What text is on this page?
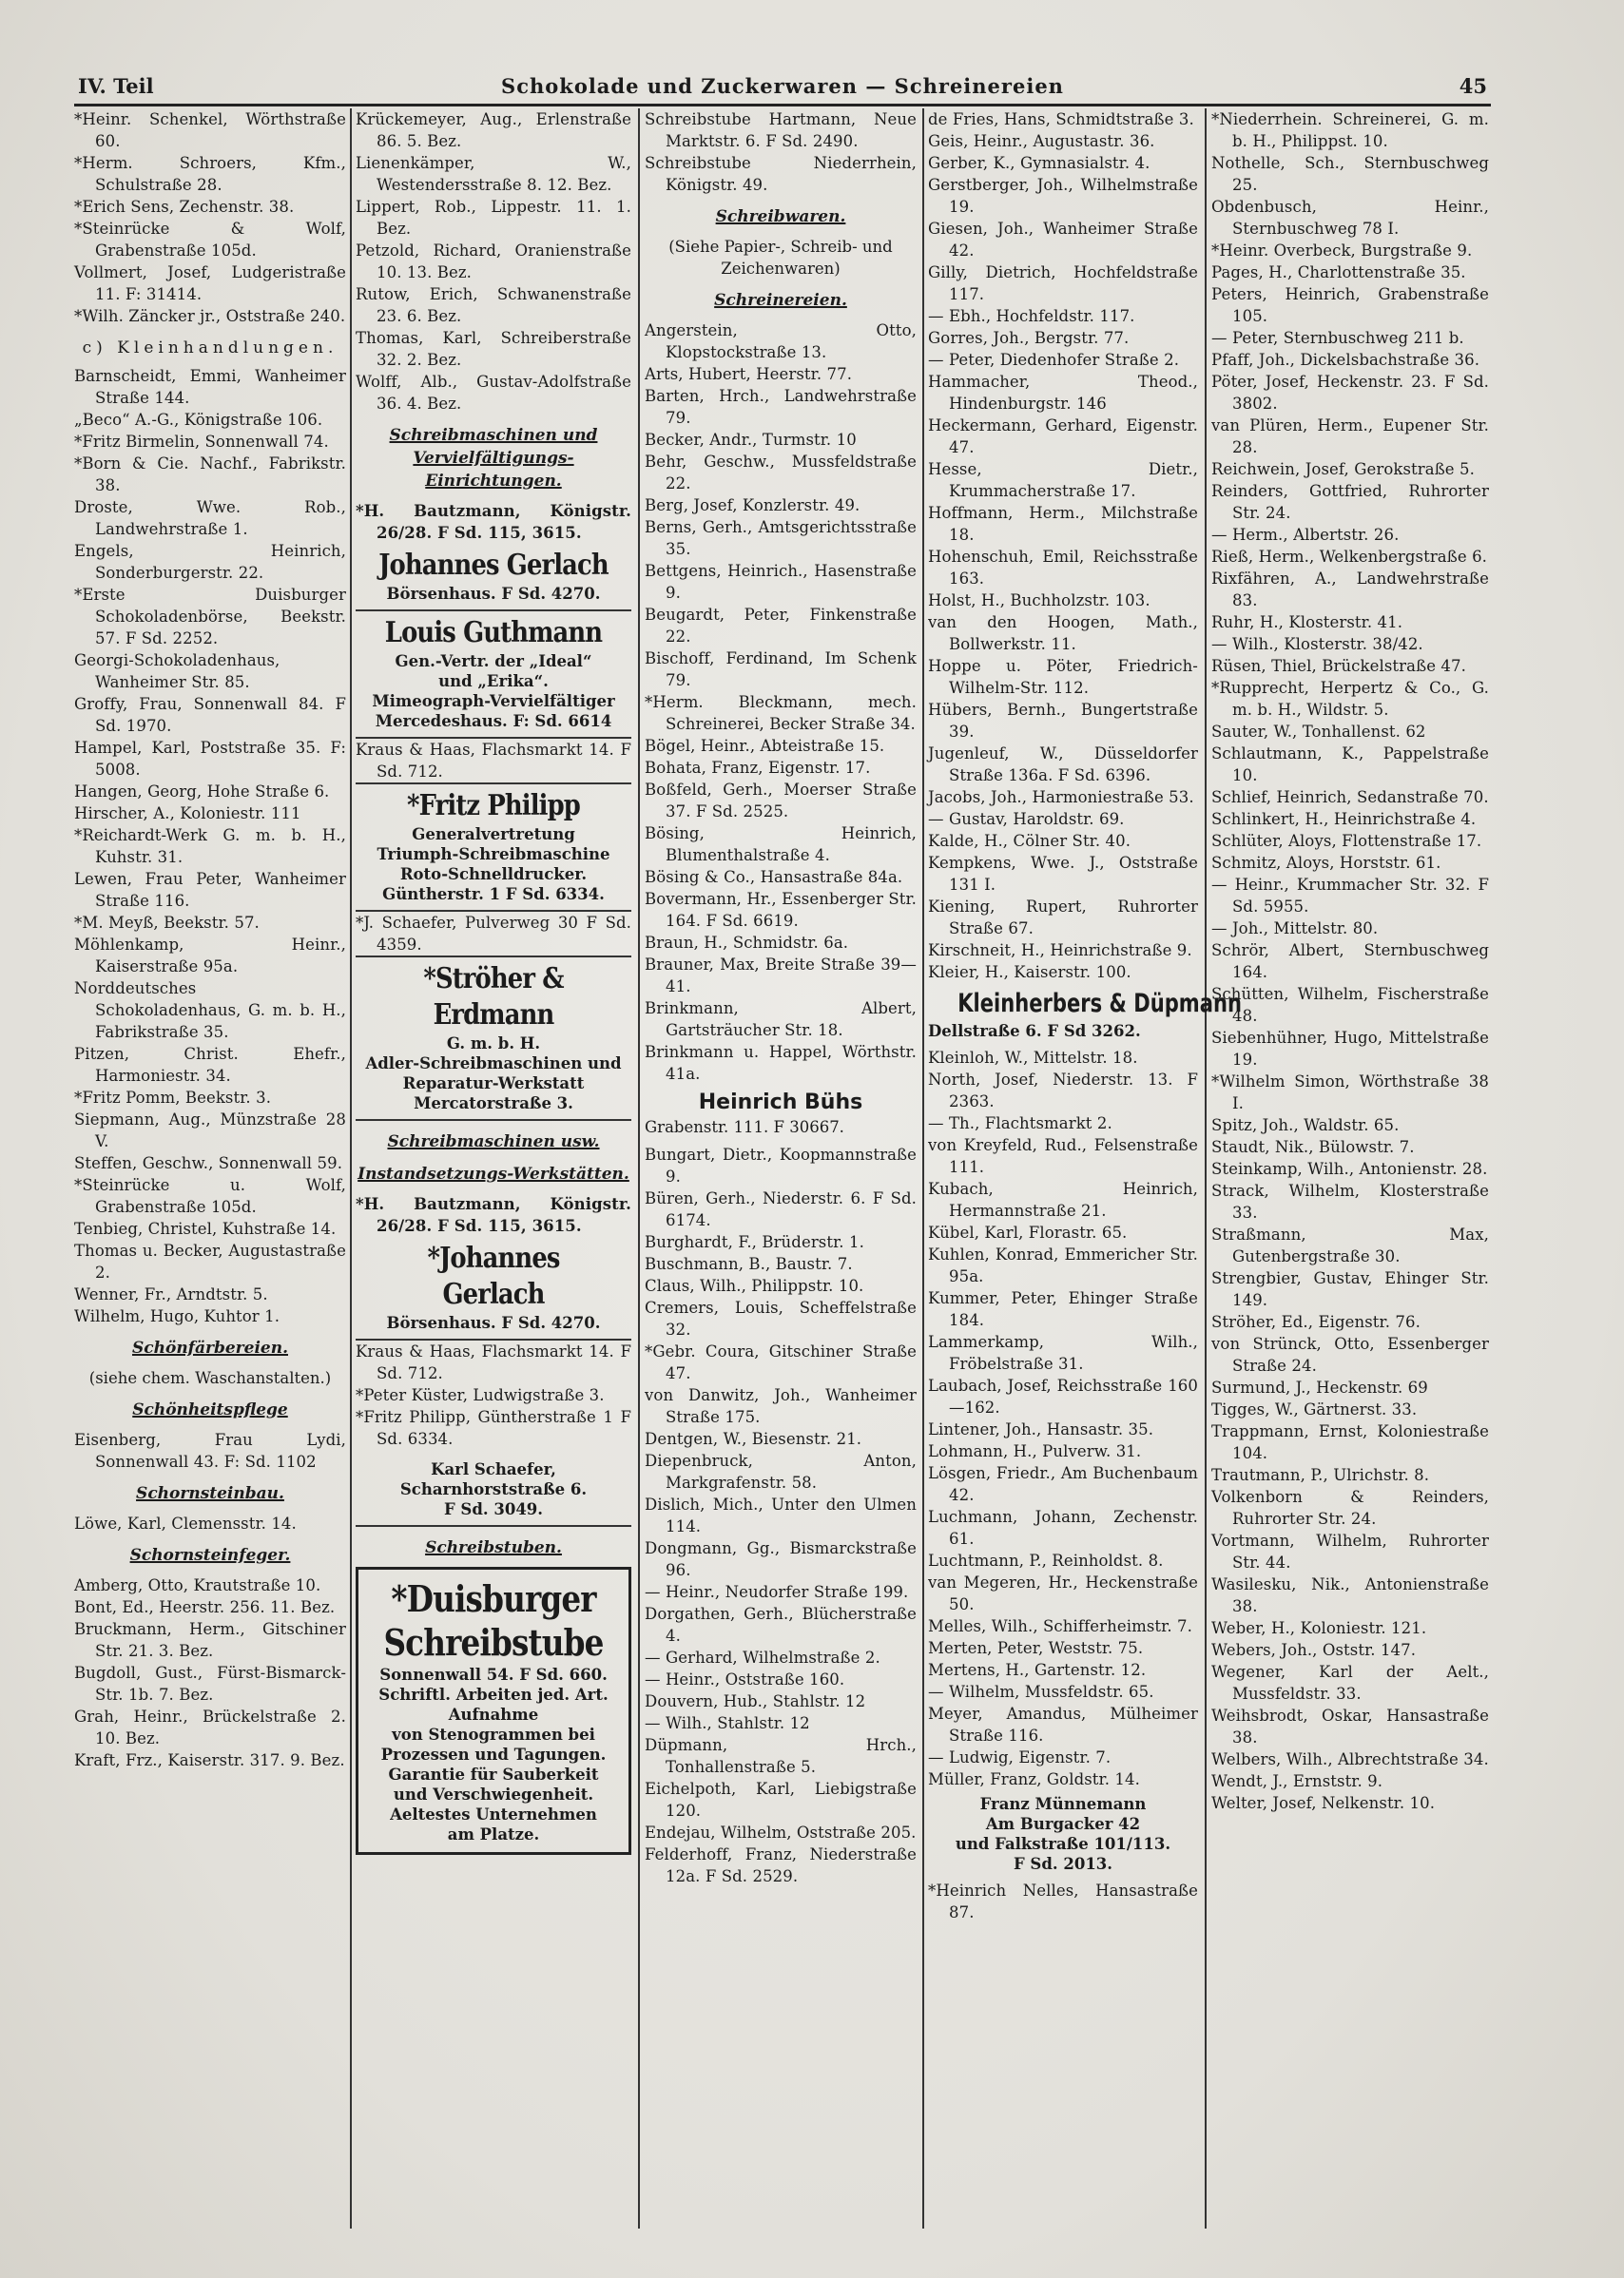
IV. Teil	Schokolade und Zuckerwaren — Schreinereien	45

*Heinr. Schenkel, Wörthstraße 60.

*Herm. Schroers, Kfm., Schulstraße 28.

*Erich Sens, Zechenstr. 38.

*Steinrücke & Wolf, Grabenstraße 105d.

Vollmert, Josef, Ludgeristraße 11. F: 31414.

*Wilh. Zäncker jr., Oststraße 240.

c) Kleinhandlungen.

Barnscheidt, Emmi, Wanheimer Straße 144.

„Beco“ A.-G., Königstraße 106.

*Fritz Birmelin, Sonnenwall 74.

*Born & Cie. Nachf., Fabrikstr. 38.

Droste, Wwe. Rob., Landwehrstraße 1.

Engels, Heinrich, Sonderburgerstr. 22.

*Erste Duisburger Schokoladenbörse, Beekstr. 57. F Sd. 2252.

Georgi-Schokoladenhaus, Wanheimer Str. 85.

Groffy, Frau, Sonnenwall 84. F Sd. 1970.

Hampel, Karl, Poststraße 35. F: 5008.

Hangen, Georg, Hohe Straße 6.

Hirscher, A., Koloniestr. 111

*Reichardt-Werk G. m. b. H., Kuhstr. 31.

Lewen, Frau Peter, Wanheimer Straße 116.

*M. Meyß, Beekstr. 57.

Möhlenkamp, Heinr., Kaiserstraße 95a.

Norddeutsches Schokoladenhaus, G. m. b. H., Fabrikstraße 35.

Pitzen, Christ. Ehefr., Harmoniestr. 34.

*Fritz Pomm, Beekstr. 3.

Siepmann, Aug., Münzstraße 28 V.

Steffen, Geschw., Sonnenwall 59.

*Steinrücke u. Wolf, Grabenstraße 105d.

Tenbieg, Christel, Kuhstraße 14.

Thomas u. Becker, Augustastraße 2.

Wenner, Fr., Arndtstr. 5.

Wilhelm, Hugo, Kuhtor 1.

Schönfärbereien.
(siehe chem. Waschanstalten.)
Schönheitspflege

Eisenberg, Frau Lydi, Sonnenwall 43. F: Sd. 1102

Schornsteinbau.

Löwe, Karl, Clemensstr. 14.

Schornsteinfeger.

Amberg, Otto, Krautstraße 10.

Bont, Ed., Heerstr. 256. 11. Bez.

Bruckmann, Herm., Gitschiner Str. 21. 3. Bez.

Bugdoll, Gust., Fürst-Bismarck-Str. 1b. 7. Bez.

Grah, Heinr., Brückelstraße 2. 10. Bez.

Kraft, Frz., Kaiserstr. 317. 9. Bez.

Krückemeyer, Aug., Erlenstraße 86. 5. Bez.

Lienenkämper, W., Westendersstraße 8. 12. Bez.

Lippert, Rob., Lippestr. 11. 1. Bez.

Petzold, Richard, Oranienstraße 10. 13. Bez.

Rutow, Erich, Schwanenstraße 23. 6. Bez.

Thomas, Karl, Schreiberstraße 32. 2. Bez.

Wolff, Alb., Gustav-Adolfstraße 36. 4. Bez.

Schreibmaschinen und Vervielfältigungs-Einrichtungen.

*H. Bautzmann, Königstr. 26/28. F Sd. 115, 3615.

Johannes Gerlach
Börsenhaus. F Sd. 4270.
Louis Guthmann
Gen.-Vertr. der „Ideal“
und „Erika“.
Mimeograph-Vervielfältiger
Mercedeshaus. F: Sd. 6614

Kraus & Haas, Flachsmarkt 14. F Sd. 712.

*Fritz Philipp
Generalvertretung
Triumph-Schreibmaschine
Roto-Schnelldrucker.
Güntherstr. 1 F Sd. 6334.

*J. Schaefer, Pulverweg 30 F Sd. 4359.

*Ströher & Erdmann
G. m. b. H.
Adler-Schreibmaschinen und
Reparatur-Werkstatt
Mercatorstraße 3.
Schreibmaschinen usw.
Instandsetzungs-Werkstätten.

*H. Bautzmann, Königstr. 26/28. F Sd. 115, 3615.

*Johannes Gerlach
Börsenhaus. F Sd. 4270.

Kraus & Haas, Flachsmarkt 14. F Sd. 712.

*Peter Küster, Ludwigstraße 3.

*Fritz Philipp, Güntherstraße 1 F Sd. 6334.

Karl Schaefer,
Scharnhorststraße 6.
F Sd. 3049.
Schreibstuben.
*Duisburger
Schreibstube
Sonnenwall 54. F Sd. 660.
Schriftl. Arbeiten jed. Art.
Aufnahme
von Stenogrammen bei
Prozessen und Tagungen.
Garantie für Sauberkeit
und Verschwiegenheit.
Aeltestes Unternehmen
am Platze.

Schreibstube Hartmann, Neue Marktstr. 6. F Sd. 2490.

Schreibstube Niederrhein, Königstr. 49.

Schreibwaren.
(Siehe Papier-, Schreib- und Zeichenwaren)
Schreinereien.

Angerstein, Otto, Klopstockstraße 13.

Arts, Hubert, Heerstr. 77.

Barten, Hrch., Landwehrstraße 79.

Becker, Andr., Turmstr. 10

Behr, Geschw., Mussfeldstraße 22.

Berg, Josef, Konzlerstr. 49.

Berns, Gerh., Amtsgerichtsstraße 35.

Bettgens, Heinrich., Hasenstraße 9.

Beugardt, Peter, Finkenstraße 22.

Bischoff, Ferdinand, Im Schenk 79.

*Herm. Bleckmann, mech. Schreinerei, Becker Straße 34.

Bögel, Heinr., Abteistraße 15.

Bohata, Franz, Eigenstr. 17.

Boßfeld, Gerh., Moerser Straße 37. F Sd. 2525.

Bösing, Heinrich, Blumenthalstraße 4.

Bösing & Co., Hansastraße 84a.

Bovermann, Hr., Essenberger Str. 164. F Sd. 6619.

Braun, H., Schmidstr. 6a.

Brauner, Max, Breite Straße 39—41.

Brinkmann, Albert, Gartsträucher Str. 18.

Brinkmann u. Happel, Wörthstr. 41a.

Heinrich Bühs
Grabenstr. 111. F 30667.

Bungart, Dietr., Koopmannstraße 9.

Büren, Gerh., Niederstr. 6. F Sd. 6174.

Burghardt, F., Brüderstr. 1.

Buschmann, B., Baustr. 7.

Claus, Wilh., Philippstr. 10.

Cremers, Louis, Scheffelstraße 32.

*Gebr. Coura, Gitschiner Straße 47.

von Danwitz, Joh., Wanheimer Straße 175.

Dentgen, W., Biesenstr. 21.

Diepenbruck, Anton, Markgrafenstr. 58.

Dislich, Mich., Unter den Ulmen 114.

Dongmann, Gg., Bismarckstraße 96.

— Heinr., Neudorfer Straße 199.

Dorgathen, Gerh., Blücherstraße 4.

— Gerhard, Wilhelmstraße 2.

— Heinr., Oststraße 160.

Douvern, Hub., Stahlstr. 12

— Wilh., Stahlstr. 12

Düpmann, Hrch., Tonhallenstraße 5.

Eichelpoth, Karl, Liebigstraße 120.

Endejau, Wilhelm, Oststraße 205.

Felderhoff, Franz, Niederstraße 12a. F Sd. 2529.

de Fries, Hans, Schmidtstraße 3.

Geis, Heinr., Augustastr. 36.

Gerber, K., Gymnasialstr. 4.

Gerstberger, Joh., Wilhelmstraße 19.

Giesen, Joh., Wanheimer Straße 42.

Gilly, Dietrich, Hochfeldstraße 117.

— Ebh., Hochfeldstr. 117.

Gorres, Joh., Bergstr. 77.

— Peter, Diedenhofer Straße 2.

Hammacher, Theod., Hindenburgstr. 146

Heckermann, Gerhard, Eigenstr. 47.

Hesse, Dietr., Krummacherstraße 17.

Hoffmann, Herm., Milchstraße 18.

Hohenschuh, Emil, Reichsstraße 163.

Holst, H., Buchholzstr. 103.

van den Hoogen, Math., Bollwerkstr. 11.

Hoppe u. Pöter, Friedrich-Wilhelm-Str. 112.

Hübers, Bernh., Bungertstraße 39.

Jugenleuf, W., Düsseldorfer Straße 136a. F Sd. 6396.

Jacobs, Joh., Harmoniestraße 53.

— Gustav, Haroldstr. 69.

Kalde, H., Cölner Str. 40.

Kempkens, Wwe. J., Oststraße 131 I.

Kiening, Rupert, Ruhrorter Straße 67.

Kirschneit, H., Heinrichstraße 9.

Kleier, H., Kaiserstr. 100.

Kleinherbers & Düpmann
Dellstraße 6. F Sd 3262.

Kleinloh, W., Mittelstr. 18.

North, Josef, Niederstr. 13. F 2363.

— Th., Flachtsmarkt 2.

von Kreyfeld, Rud., Felsenstraße 111.

Kubach, Heinrich, Hermannstraße 21.

Kübel, Karl, Florastr. 65.

Kuhlen, Konrad, Emmericher Str. 95a.

Kummer, Peter, Ehinger Straße 184.

Lammerkamp, Wilh., Fröbelstraße 31.

Laubach, Josef, Reichsstraße 160—162.

Lintener, Joh., Hansastr. 35.

Lohmann, H., Pulverw. 31.

Lösgen, Friedr., Am Buchenbaum 42.

Luchmann, Johann, Zechenstr. 61.

Luchtmann, P., Reinholdst. 8.

van Megeren, Hr., Heckenstraße 50.

Melles, Wilh., Schifferheimstr. 7.

Merten, Peter, Weststr. 75.

Mertens, H., Gartenstr. 12.

— Wilhelm, Mussfeldstr. 65.

Meyer, Amandus, Mülheimer Straße 116.

— Ludwig, Eigenstr. 7.

Müller, Franz, Goldstr. 14.

Franz Münnemann
Am Burgacker 42
und Falkstraße 101/113.
F Sd. 2013.

*Heinrich Nelles, Hansastraße 87.

*Niederrhein. Schreinerei, G. m. b. H., Philippst. 10.

Nothelle, Sch., Sternbuschweg 25.

Obdenbusch, Heinr., Sternbuschweg 78 I.

*Heinr. Overbeck, Burgstraße 9.

Pages, H., Charlottenstraße 35.

Peters, Heinrich, Grabenstraße 105.

— Peter, Sternbuschweg 211 b.

Pfaff, Joh., Dickelsbachstraße 36.

Pöter, Josef, Heckenstr. 23. F Sd. 3802.

van Plüren, Herm., Eupener Str. 28.

Reichwein, Josef, Gerokstraße 5.

Reinders, Gottfried, Ruhrorter Str. 24.

— Herm., Albertstr. 26.

Rieß, Herm., Welkenbergstraße 6.

Rixfähren, A., Landwehrstraße 83.

Ruhr, H., Klosterstr. 41.

— Wilh., Klosterstr. 38/42.

Rüsen, Thiel, Brückelstraße 47.

*Rupprecht, Herpertz & Co., G. m. b. H., Wildstr. 5.

Sauter, W., Tonhallenst. 62

Schlautmann, K., Pappelstraße 10.

Schlief, Heinrich, Sedanstraße 70.

Schlinkert, H., Heinrichstraße 4.

Schlüter, Aloys, Flottenstraße 17.

Schmitz, Aloys, Horststr. 61.

— Heinr., Krummacher Str. 32. F Sd. 5955.

— Joh., Mittelstr. 80.

Schrör, Albert, Sternbuschweg 164.

Schütten, Wilhelm, Fischerstraße 48.

Siebenhühner, Hugo, Mittelstraße 19.

*Wilhelm Simon, Wörthstraße 38 I.

Spitz, Joh., Waldstr. 65.

Staudt, Nik., Bülowstr. 7.

Steinkamp, Wilh., Antonienstr. 28.

Strack, Wilhelm, Klosterstraße 33.

Straßmann, Max, Gutenbergstraße 30.

Strengbier, Gustav, Ehinger Str. 149.

Ströher, Ed., Eigenstr. 76.

von Strünck, Otto, Essenberger Straße 24.

Surmund, J., Heckenstr. 69

Tigges, W., Gärtnerst. 33.

Trappmann, Ernst, Koloniestraße 104.

Trautmann, P., Ulrichstr. 8.

Volkenborn & Reinders, Ruhrorter Str. 24.

Vortmann, Wilhelm, Ruhrorter Str. 44.

Wasilesku, Nik., Antonienstraße 38.

Weber, H., Koloniestr. 121.

Webers, Joh., Oststr. 147.

Wegener, Karl der Aelt., Mussfeldstr. 33.

Weihsbrodt, Oskar, Hansastraße 38.

Welbers, Wilh., Albrechtstraße 34.

Wendt, J., Ernststr. 9.

Welter, Josef, Nelkenstr. 10.
